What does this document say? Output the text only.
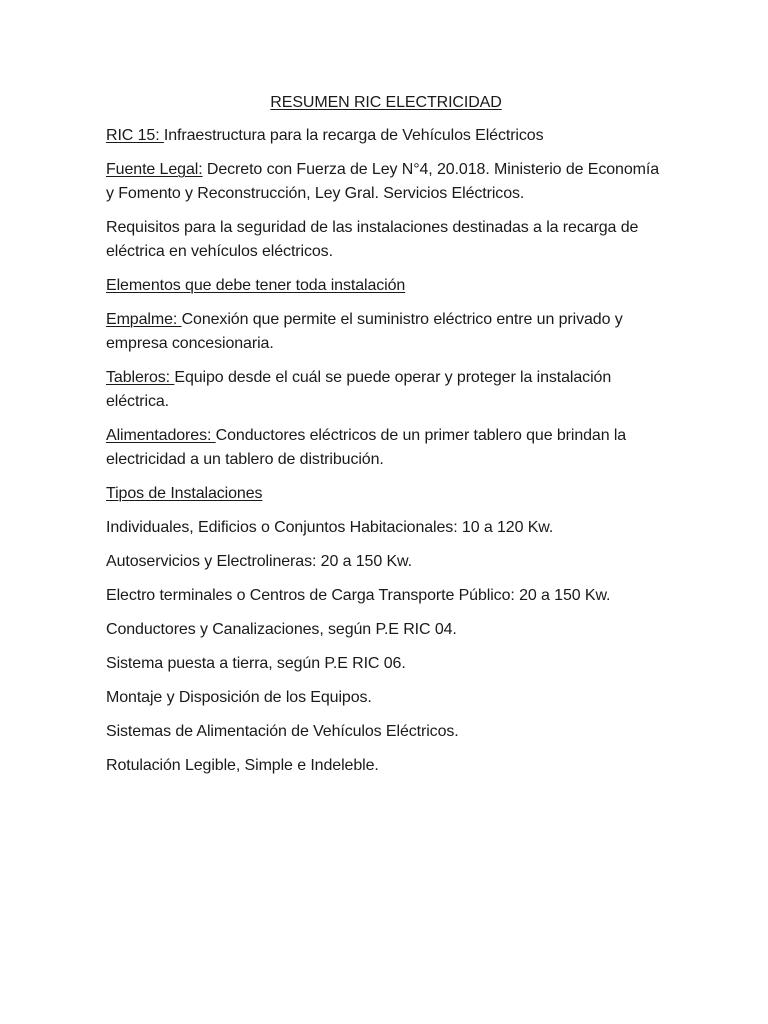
RESUMEN RIC ELECTRICIDAD
RIC 15: Infraestructura para la recarga de Vehículos Eléctricos
Fuente Legal: Decreto con Fuerza de Ley N°4, 20.018. Ministerio de Economía y Fomento y Reconstrucción, Ley Gral. Servicios Eléctricos.
Requisitos para la seguridad de las instalaciones destinadas a la recarga de eléctrica en vehículos eléctricos.
Elementos que debe tener toda instalación
Empalme: Conexión que permite el suministro eléctrico entre un privado y empresa concesionaria.
Tableros: Equipo desde el cuál se puede operar y proteger la instalación eléctrica.
Alimentadores: Conductores eléctricos de un primer tablero que brindan la electricidad a un tablero de distribución.
Tipos de Instalaciones
Individuales, Edificios o Conjuntos Habitacionales: 10 a 120 Kw.
Autoservicios y Electrolineras: 20 a 150 Kw.
Electro terminales o Centros de Carga Transporte Público: 20 a 150 Kw.
Conductores y Canalizaciones, según P.E RIC 04.
Sistema puesta a tierra, según P.E RIC 06.
Montaje y Disposición de los Equipos.
Sistemas de Alimentación de Vehículos Eléctricos.
Rotulación Legible, Simple e Indeleble.
